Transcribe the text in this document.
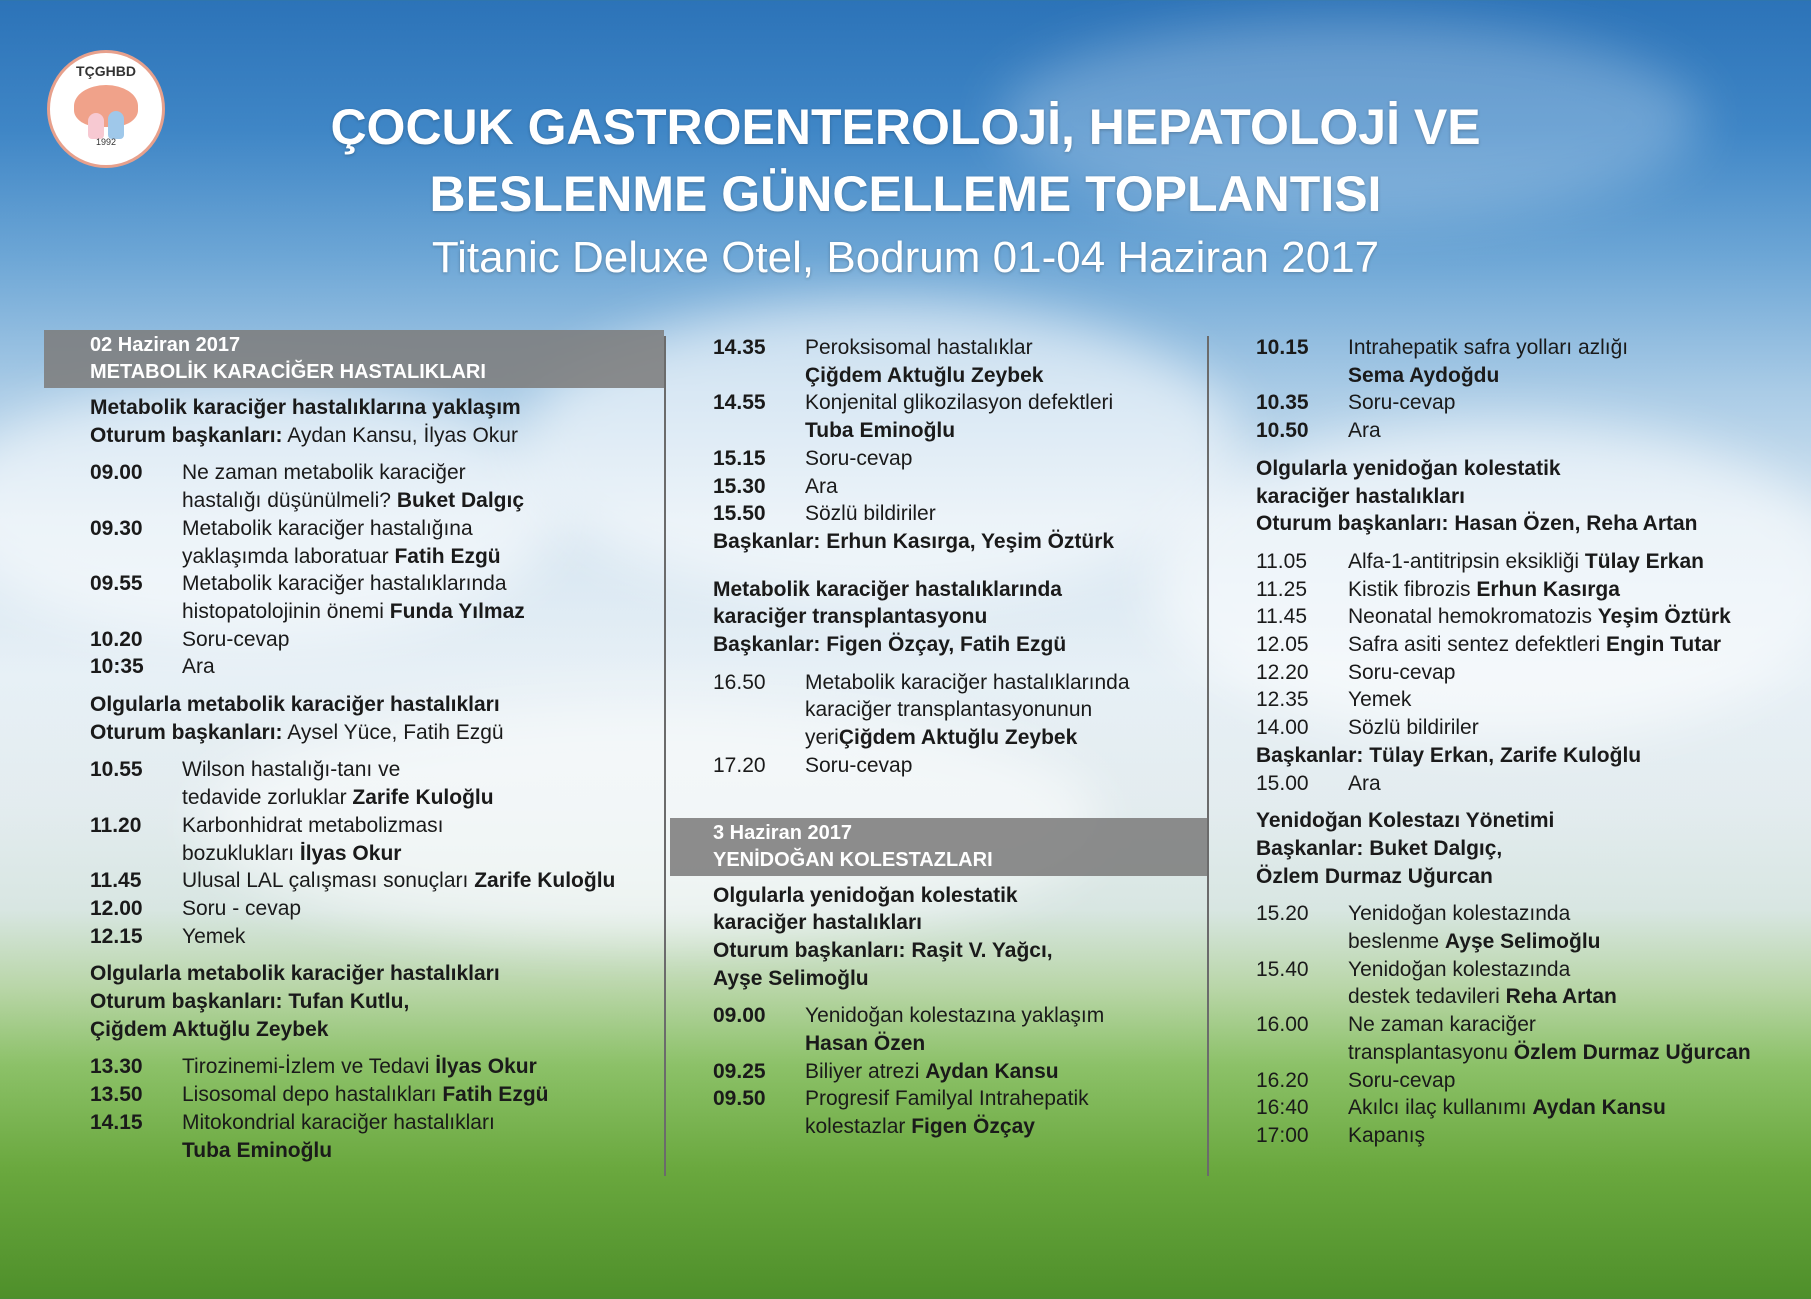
TÇGHBD
1992	ÇOCUK GASTROENTEROLOJİ, HEPATOLOJİ VE
BESLENME GÜNCELLEME TOPLANTISI
Titanic Deluxe Otel, Bodrum 01-04 Haziran 2017
02 Haziran 2017
METABOLİK KARACİĞER HASTALIKLARI
Metabolik karaciğer hastalıklarına yaklaşım
Oturum başkanları: Aydan Kansu, İlyas Okur
09.00	Ne zaman metabolik karaciğer
hastalığı düşünülmeli? Buket Dalgıç
09.30	Metabolik karaciğer hastalığına
yaklaşımda laboratuar Fatih Ezgü
09.55	Metabolik karaciğer hastalıklarında
histopatolojinin önemi Funda Yılmaz
10.20	Soru-cevap
10:35	Ara
Olgularla metabolik karaciğer hastalıkları
Oturum başkanları: Aysel Yüce, Fatih Ezgü
10.55	Wilson hastalığı-tanı ve
tedavide zorluklar Zarife Kuloğlu
11.20	Karbonhidrat metabolizması
bozuklukları İlyas Okur
11.45	Ulusal LAL çalışması sonuçları Zarife Kuloğlu
12.00	Soru - cevap
12.15	Yemek
Olgularla metabolik karaciğer hastalıkları
Oturum başkanları: Tufan Kutlu,
Çiğdem Aktuğlu Zeybek
13.30	Tirozinemi-İzlem ve Tedavi İlyas Okur
13.50	Lisosomal depo hastalıkları Fatih Ezgü
14.15	Mitokondrial karaciğer hastalıkları
Tuba Eminoğlu
14.35	Peroksisomal hastalıklar
Çiğdem Aktuğlu Zeybek
14.55	Konjenital glikozilasyon defektleri
Tuba Eminoğlu
15.15	Soru-cevap
15.30	Ara
15.50	Sözlü bildiriler
Başkanlar: Erhun Kasırga, Yeşim Öztürk
Metabolik karaciğer hastalıklarında
karaciğer transplantasyonu
Başkanlar: Figen Özçay, Fatih Ezgü
16.50	Metabolik karaciğer hastalıklarında
karaciğer transplantasyonunun yeriÇiğdem Aktuğlu Zeybek
17.20	Soru-cevap
3 Haziran 2017
YENİDOĞAN KOLESTAZLARI
Olgularla yenidoğan kolestatik
karaciğer hastalıkları
Oturum başkanları: Raşit V. Yağcı,
Ayşe Selimoğlu
09.00	Yenidoğan kolestazına yaklaşım
Hasan Özen
09.25	Biliyer atrezi Aydan Kansu
09.50	Progresif Familyal Intrahepatik
kolestazlar Figen Özçay
10.15	Intrahepatik safra yolları azlığı
Sema Aydoğdu
10.35	Soru-cevap
10.50	Ara
Olgularla yenidoğan kolestatik
karaciğer hastalıkları
Oturum başkanları: Hasan Özen, Reha Artan
11.05	Alfa-1-antitripsin eksikliği Tülay Erkan
11.25	Kistik fibrozis Erhun Kasırga
11.45	Neonatal hemokromatozis Yeşim Öztürk
12.05	Safra asiti sentez defektleri Engin Tutar
12.20	Soru-cevap
12.35	Yemek
14.00	Sözlü bildiriler
Başkanlar: Tülay Erkan, Zarife Kuloğlu
15.00	Ara
Yenidoğan Kolestazı Yönetimi
Başkanlar: Buket Dalgıç,
Özlem Durmaz Uğurcan
15.20	Yenidoğan kolestazında
beslenme Ayşe Selimoğlu
15.40	Yenidoğan kolestazında
destek tedavileri Reha Artan
16.00	Ne zaman karaciğer
transplantasyonu Özlem Durmaz Uğurcan
16.20	Soru-cevap
16:40	Akılcı ilaç kullanımı Aydan Kansu
17:00	Kapanış
